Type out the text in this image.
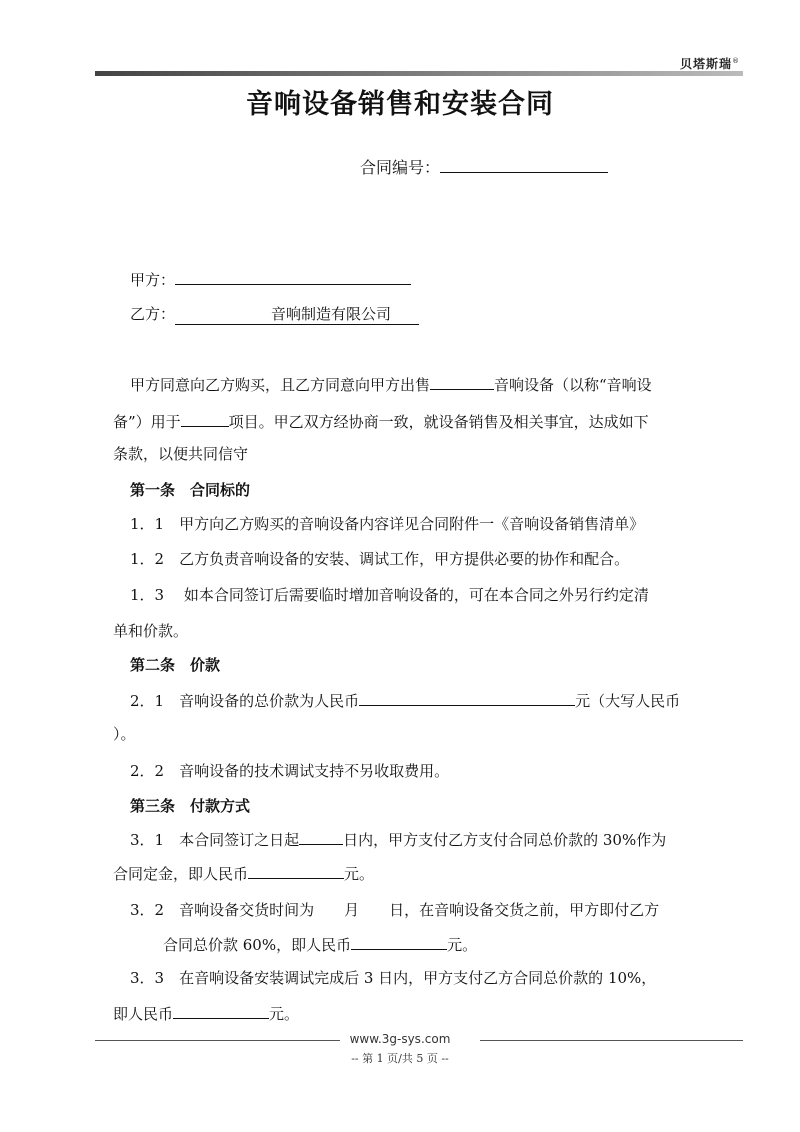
贝塔斯瑞®
音响设备销售和安装合同
合同编号：
甲方：
乙方：	音响制造有限公司
甲方同意向乙方购买，且乙方同意向甲方出售	音响设备（以称“音响设
备”）用于	项目。甲乙双方经协商一致，就设备销售及相关事宜，达成如下
条款，以便共同信守
第一条　合同标的
1．1　甲方向乙方购买的音响设备内容详见合同附件一《音响设备销售清单》
1．2　乙方负责音响设备的安装、调试工作，甲方提供必要的协作和配合。
1．3　 如本合同签订后需要临时增加音响设备的，可在本合同之外另行约定清
单和价款。
第二条　价款
2．1　音响设备的总价款为人民币	元（大写人民币
）。
2．2　音响设备的技术调试支持不另收取费用。
第三条　付款方式
3．1　本合同签订之日起	日内，甲方支付乙方支付合同总价款的 30%作为
合同定金，即人民币	元。
3．2　音响设备交货时间为　　月　　日，在音响设备交货之前，甲方即付乙方
合同总价款 60%，即人民币	元。
3．3　在音响设备安装调试完成后 3 日内，甲方支付乙方合同总价款的 10%，
即人民币	元。
www.3g-sys.com
-- 第 1 页/共 5 页 --
